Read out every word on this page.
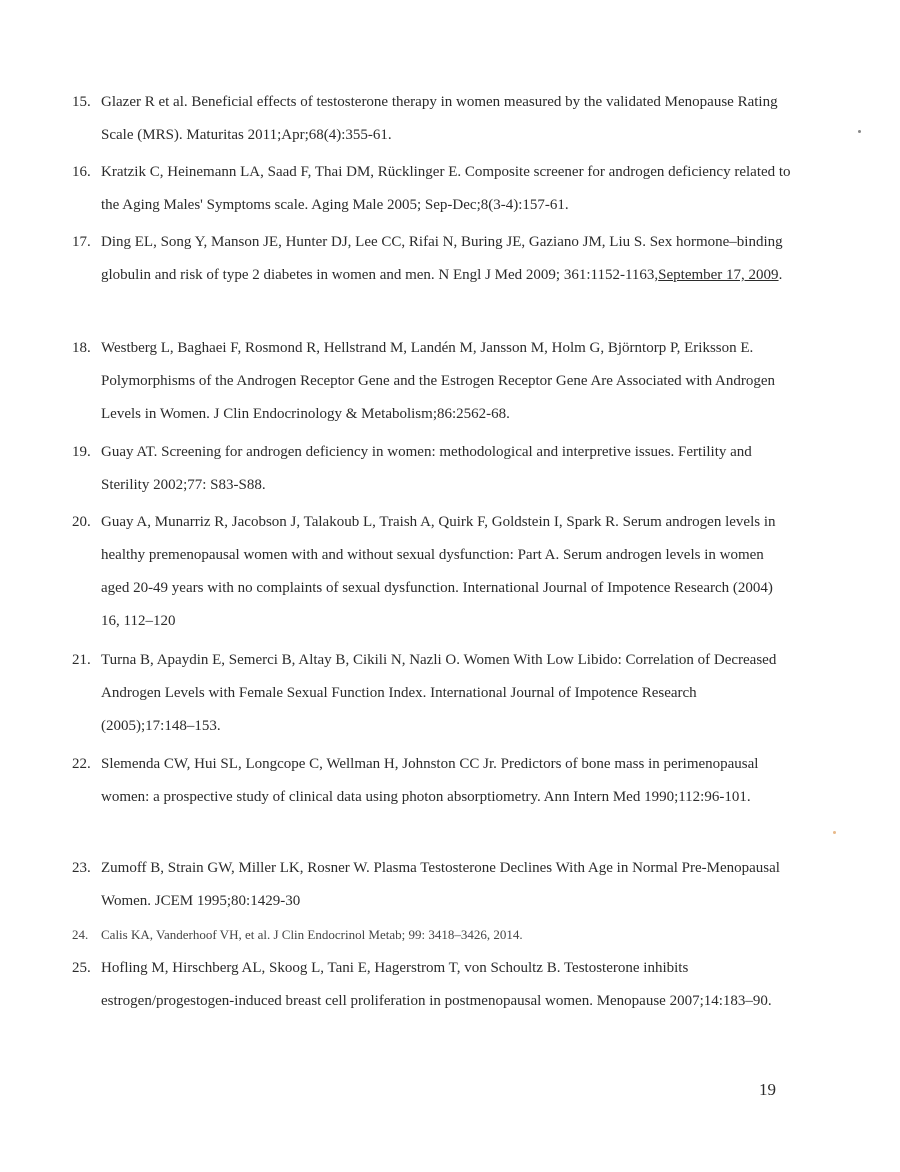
15. Glazer R et al. Beneficial effects of testosterone therapy in women measured by the validated Menopause Rating Scale (MRS). Maturitas 2011;Apr;68(4):355-61.
16. Kratzik C, Heinemann LA, Saad F, Thai DM, Rücklinger E. Composite screener for androgen deficiency related to the Aging Males' Symptoms scale. Aging Male 2005; Sep-Dec;8(3-4):157-61.
17. Ding EL, Song Y, Manson JE, Hunter DJ, Lee CC, Rifai N, Buring JE, Gaziano JM, Liu S. Sex hormone–binding globulin and risk of type 2 diabetes in women and men. N Engl J Med 2009; 361:1152-1163,September 17, 2009.
18. Westberg L, Baghaei F, Rosmond R, Hellstrand M, Landén M, Jansson M, Holm G, Björntorp P, Eriksson E. Polymorphisms of the Androgen Receptor Gene and the Estrogen Receptor Gene Are Associated with Androgen Levels in Women. J Clin Endocrinology & Metabolism;86:2562-68.
19. Guay AT. Screening for androgen deficiency in women: methodological and interpretive issues. Fertility and Sterility 2002;77: S83-S88.
20. Guay A, Munarriz R, Jacobson J, Talakoub L, Traish A, Quirk F, Goldstein I, Spark R. Serum androgen levels in healthy premenopausal women with and without sexual dysfunction: Part A. Serum androgen levels in women aged 20-49 years with no complaints of sexual dysfunction. International Journal of Impotence Research (2004) 16, 112–120
21. Turna B, Apaydin E, Semerci B, Altay B, Cikili N, Nazli O. Women With Low Libido: Correlation of Decreased Androgen Levels with Female Sexual Function Index. International Journal of Impotence Research (2005);17:148–153.
22. Slemenda CW, Hui SL, Longcope C, Wellman H, Johnston CC Jr. Predictors of bone mass in perimenopausal women: a prospective study of clinical data using photon absorptiometry. Ann Intern Med 1990;112:96-101.
23. Zumoff B, Strain GW, Miller LK, Rosner W. Plasma Testosterone Declines With Age in Normal Pre-Menopausal Women. JCEM 1995;80:1429-30
24. Calis KA, Vanderhoof VH, et al. J Clin Endocrinol Metab; 99: 3418–3426, 2014.
25. Hofling M, Hirschberg AL, Skoog L, Tani E, Hagerstrom T, von Schoultz B. Testosterone inhibits estrogen/progestogen-induced breast cell proliferation in postmenopausal women. Menopause 2007;14:183–90.
19
